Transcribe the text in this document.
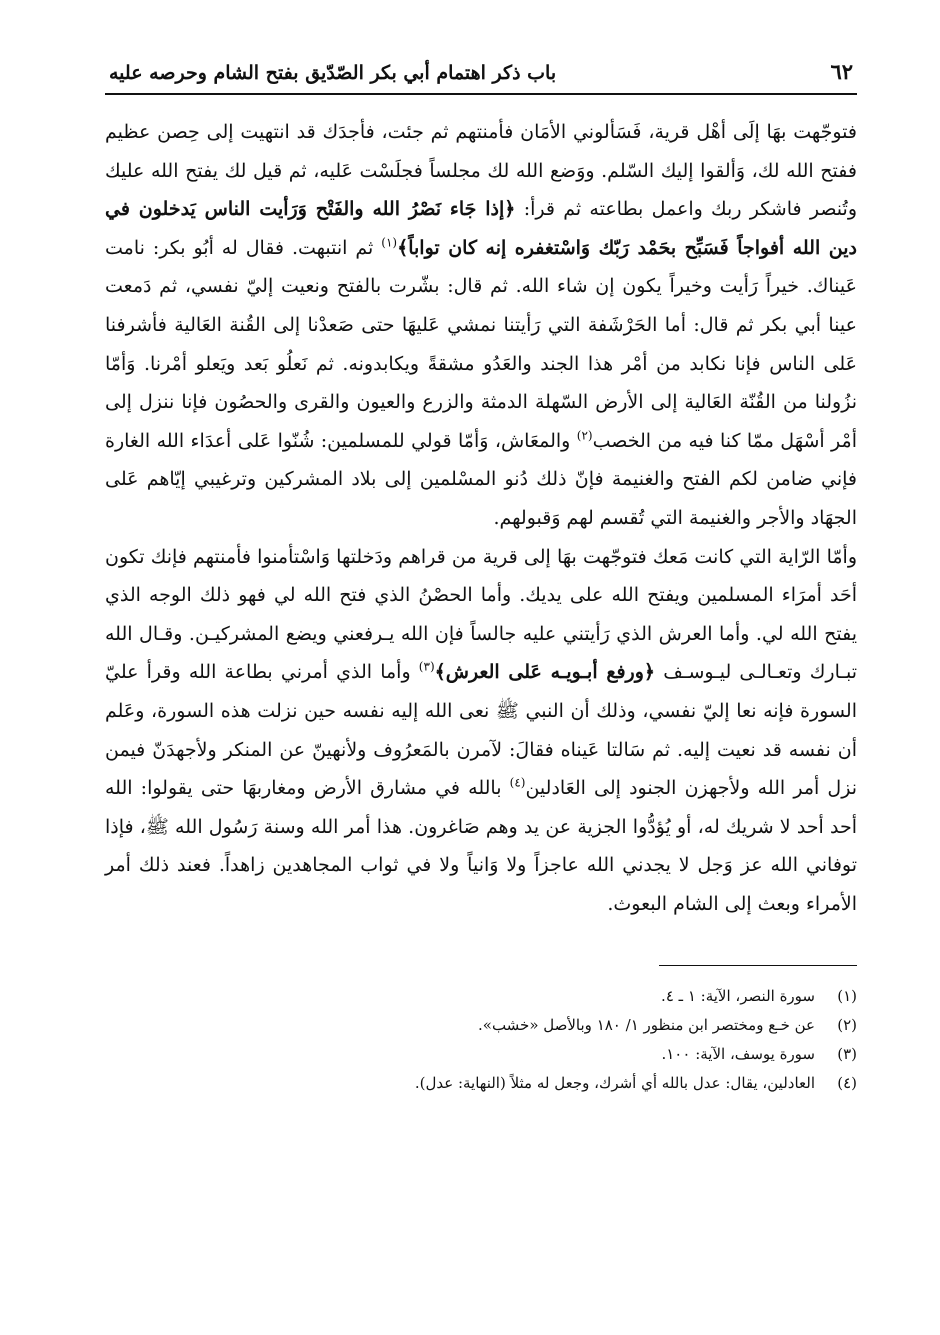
٦٢
باب ذكر اهتمام أبي بكر الصّدّيق بفتح الشام وحرصه عليه

فتوجّهت بهَا إلَى أهْل قرية، فَسَألوني الأمَان فأمنتهم ثم جئت، فأجدَك قد انتهيت إلى حِصن عظيم ففتح الله لك، وَألقوا إليك السّلم. ووَضع الله لك مجلساً فجلَسْت عَليه، ثم قيل لك يفتح الله عليك وتُنصر فاشكر ربك واعمل بطاعته ثم قرأ: ﴿إذا جَاء نَصْرُ الله والفَتْح وَرَأيت الناس يَدخلون في دين الله أفواجاً فَسَبِّح بحَمْد رَبّك وَاسْتغفره إنه كان تواباً﴾$^{(١)}$ ثم انتبهت. فقال له أبُو بكر: نامت عَيناك. خيراً رَأيت وخيراً يكون إن شاء الله. ثم قال: بشّرت بالفتح ونعيت إليّ نفسي، ثم دَمعت عينا أبي بكر ثم قال: أما الحَرْشَفة التي رَأيتنا نمشي عَليهَا حتى صَعدْنا إلى القُنة العَالية فأشرفنا عَلى الناس فإنا نكابد من أمْر هذا الجند والعَدُو مشقةً ويكابدونه. ثم نَعلُو بَعد ويَعلو أمْرنا. وَأمّا نزُولنا من القُنّة العَالية إلى الأرض السّهلة الدمثة والزرع والعيون والقرى والحصُون فإنا ننزل إلى أمْر أسْهَل ممّا كنا فيه من الخصب$^{(٢)}$ والمعَاش، وَأمّا قولي للمسلمين: شُنّوا عَلى أعدَاء الله الغارة فإني ضامن لكم الفتح والغنيمة فإنّ ذلك دُنو المسْلمين إلى بلاد المشركين وترغيبي إيّاهم عَلى الجهَاد والأجر والغنيمة التي تُقسم لهم وَقبولهم.

وأمّا الرّاية التي كانت مَعك فتوجّهت بهَا إلى قرية من قراهم ودَخلتها وَاسْتأمنوا فأمنتهم فإنك تكون أحَد أمرَاء المسلمين ويفتح الله على يديك. وأما الحصْنُ الذي فتح الله لي فهو ذلك الوجه الذي يفتح الله لي. وأما العرش الذي رَأيتني عليه جالساً فإن الله يـرفعني ويضع المشركيـن. وقـال الله تبـارك وتعـالـى ليـوسـف ﴿ورفع أبـويـه عَلى العرش﴾$^{(٣)}$ وأما الذي أمرني بطاعة الله وقرأ عليّ السورة فإنه نعا إليّ نفسي، وذلك أن النبي ﷺ نعى الله إليه نفسه حين نزلت هذه السورة، وعَلم أن نفسه قد نعيت إليه. ثم سَالتا عَيناه فقالَ: لآمرن بالمَعرُوف ولأنهينّ عن المنكر ولأجهدَنّ فيمن نزل أمر الله ولأجهزن الجنود إلى العَادلين$^{(٤)}$ بالله في مشارق الأرض ومغاربهَا حتى يقولوا: الله أحد أحد لا شريك له، أو يُؤدُّوا الجزية عن يد وهم صَاغرون. هذا أمر الله وسنة رَسُول الله ﷺ، فإذا توفاني الله عز وَجل لا يجدني الله عاجزاً ولا وَانياً ولا في ثواب المجاهدين زاهداً. فعند ذلك أمر الأمراء وبعث إلى الشام البعوث.

(١)
سورة النصر، الآية: ١ ـ ٤.
(٢)
عن خـع ومختصر ابن منظور ١/ ١٨٠ وبالأصل «خشب».
(٣)
سورة يوسف، الآية: ١٠٠.
(٤)
العادلين، يقال: عدل بالله أي أشرك، وجعل له مثلاً (النهاية: عدل).
